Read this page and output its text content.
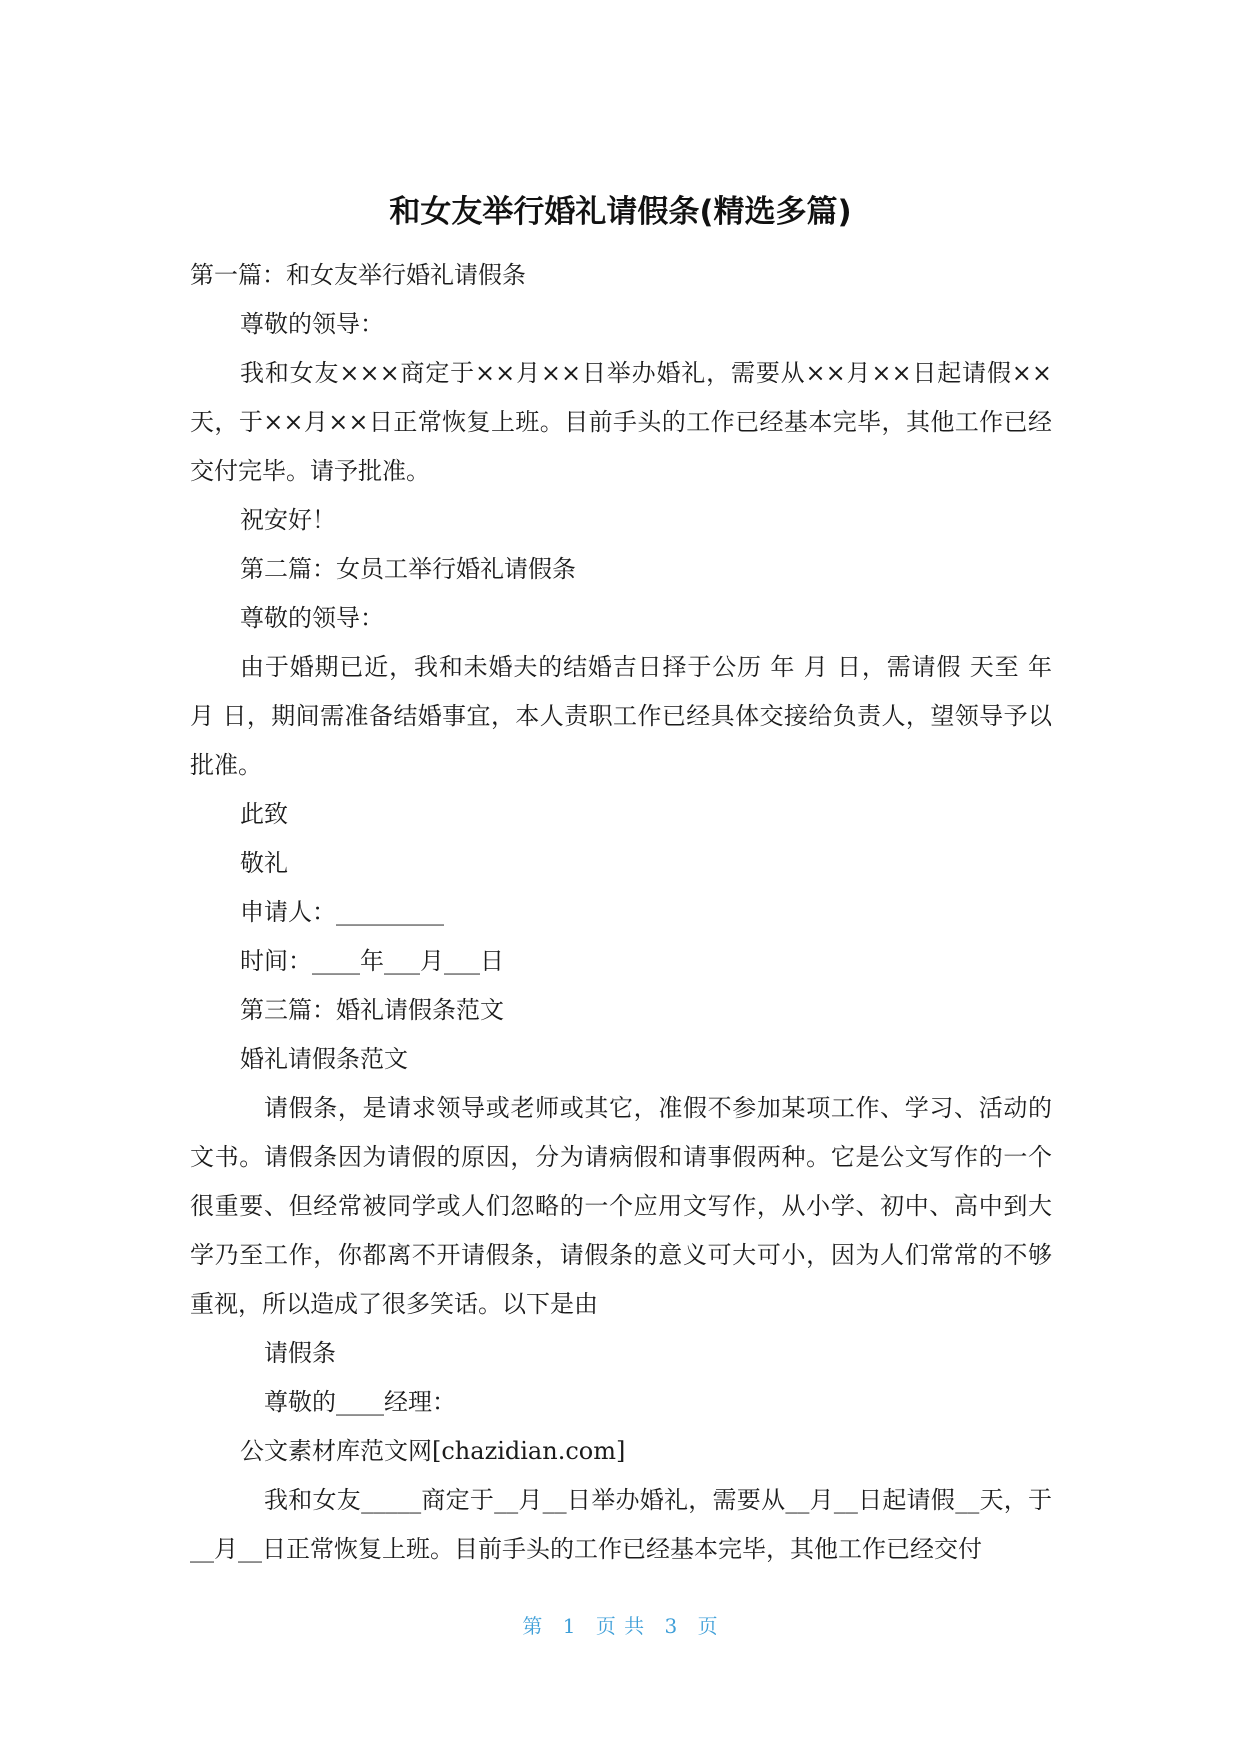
和女友举行婚礼请假条(精选多篇)

第一篇：和女友举行婚礼请假条

尊敬的领导：

我和女友×××商定于××月××日举办婚礼，需要从××月××日起请假××天，于××月××日正常恢复上班。目前手头的工作已经基本完毕，其他工作已经交付完毕。请予批准。

祝安好！

第二篇：女员工举行婚礼请假条

尊敬的领导：

由于婚期已近，我和未婚夫的结婚吉日择于公历 年 月 日，需请假 天至 年 月 日，期间需准备结婚事宜，本人责职工作已经具体交接给负责人，望领导予以批准。

此致

敬礼

申请人：_________

时间：____年___月___日

第三篇：婚礼请假条范文

婚礼请假条范文

请假条，是请求领导或老师或其它，准假不参加某项工作、学习、活动的文书。请假条因为请假的原因，分为请病假和请事假两种。它是公文写作的一个很重要、但经常被同学或人们忽略的一个应用文写作，从小学、初中、高中到大学乃至工作，你都离不开请假条，请假条的意义可大可小，因为人们常常的不够重视，所以造成了很多笑话。以下是由

请假条

尊敬的____经理：

公文素材库范文网[chazidian.com]

我和女友_____商定于__月__日举办婚礼，需要从__月__日起请假__天，于__月__日正常恢复上班。目前手头的工作已经基本完毕，其他工作已经交付

第 1 页 共 3 页
